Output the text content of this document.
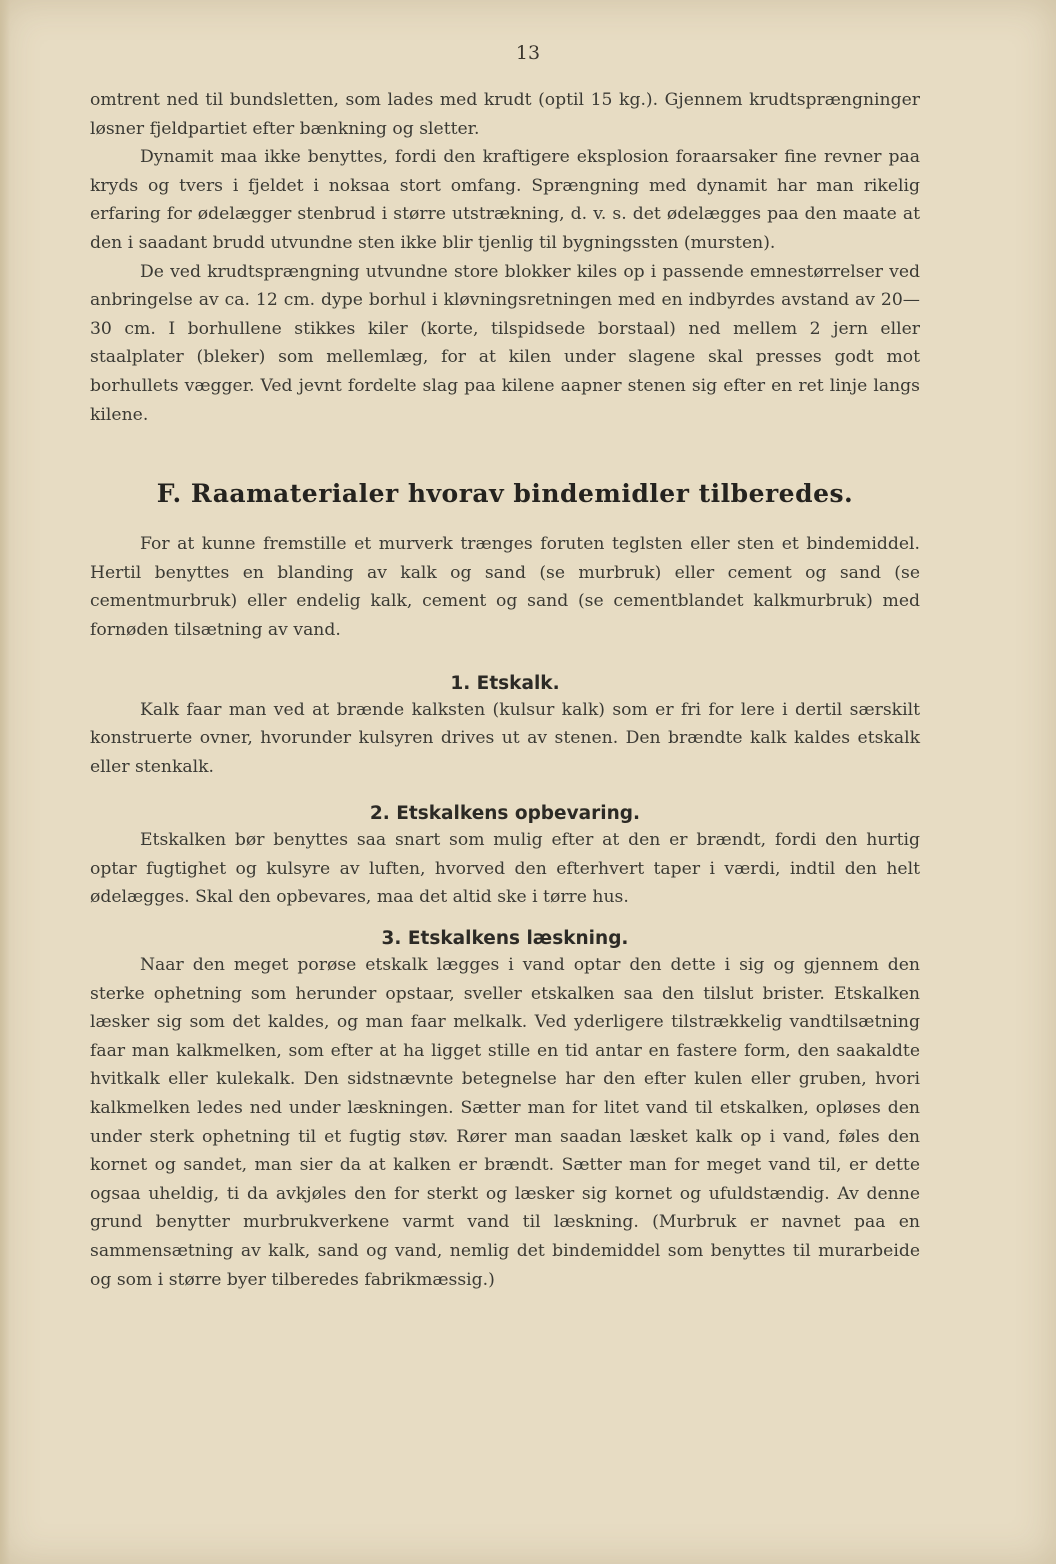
13

omtrent ned til bundsletten, som lades med krudt (optil 15 kg.). Gjennem krudtsprængninger løsner fjeldpartiet efter bænkning og sletter.

Dynamit maa ikke benyttes, fordi den kraftigere eksplosion foraarsaker fine revner paa kryds og tvers i fjeldet i noksaa stort omfang. Sprængning med dynamit har man rikelig erfaring for ødelægger stenbrud i større utstrækning, d. v. s. det ødelægges paa den maate at den i saadant brudd utvundne sten ikke blir tjenlig til bygningssten (mursten).

De ved krudtsprængning utvundne store blokker kiles op i passende emnestørrelser ved anbringelse av ca. 12 cm. dype borhul i kløvningsretningen med en indbyrdes avstand av 20—30 cm. I borhullene stikkes kiler (korte, tilspidsede borstaal) ned mellem 2 jern eller staalplater (bleker) som mellemlæg, for at kilen under slagene skal presses godt mot borhullets vægger. Ved jevnt fordelte slag paa kilene aapner stenen sig efter en ret linje langs kilene.

F. Raamaterialer hvorav bindemidler tilberedes.

For at kunne fremstille et murverk trænges foruten teglsten eller sten et bindemiddel. Hertil benyttes en blanding av kalk og sand (se murbruk) eller cement og sand (se cementmurbruk) eller endelig kalk, cement og sand (se cementblandet kalkmurbruk) med fornøden tilsætning av vand.

1. Etskalk.

Kalk faar man ved at brænde kalksten (kulsur kalk) som er fri for lere i dertil særskilt konstruerte ovner, hvorunder kulsyren drives ut av stenen. Den brændte kalk kaldes etskalk eller stenkalk.

2. Etskalkens opbevaring.

Etskalken bør benyttes saa snart som mulig efter at den er brændt, fordi den hurtig optar fugtighet og kulsyre av luften, hvorved den efterhvert taper i værdi, indtil den helt ødelægges. Skal den opbevares, maa det altid ske i tørre hus.

3. Etskalkens læskning.

Naar den meget porøse etskalk lægges i vand optar den dette i sig og gjennem den sterke ophetning som herunder opstaar, sveller etskalken saa den tilslut brister. Etskalken læsker sig som det kaldes, og man faar melkalk. Ved yderligere tilstrækkelig vandtilsætning faar man kalkmelken, som efter at ha ligget stille en tid antar en fastere form, den saakaldte hvitkalk eller kulekalk. Den sidstnævnte betegnelse har den efter kulen eller gruben, hvori kalkmelken ledes ned under læskningen. Sætter man for litet vand til etskalken, opløses den under sterk ophetning til et fugtig støv. Rører man saadan læsket kalk op i vand, føles den kornet og sandet, man sier da at kalken er brændt. Sætter man for meget vand til, er dette ogsaa uheldig, ti da avkjøles den for sterkt og læsker sig kornet og ufuldstændig. Av denne grund benytter murbrukverkene varmt vand til læskning. (Murbruk er navnet paa en sammensætning av kalk, sand og vand, nemlig det bindemiddel som benyttes til murarbeide og som i større byer tilberedes fabrikmæssig.)
